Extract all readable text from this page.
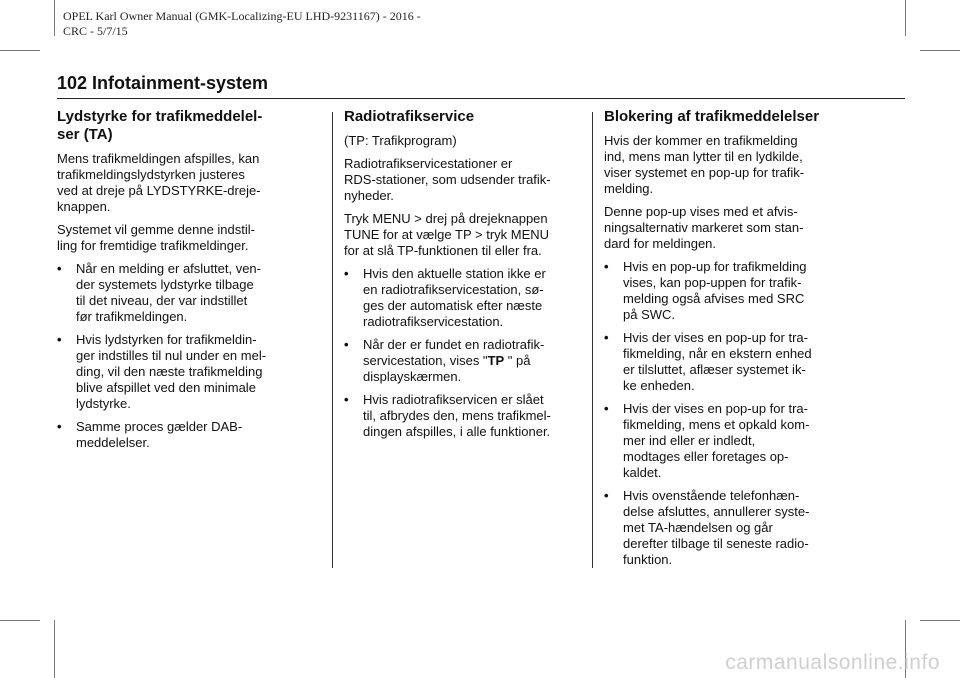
OPEL Karl Owner Manual (GMK-Localizing-EU LHD-9231167) - 2016 -
CRC - 5/7/15
102 Infotainment-system
Lydstyrke for trafikmeddelel-
ser (TA)

Mens trafikmeldingen afspilles, kan
trafikmeldingslydstyrken justeres
ved at dreje på LYDSTYRKE-dreje-
knappen.

Systemet vil gemme denne indstil-
ling for fremtidige trafikmeldinger.

• Når en melding er afsluttet, ven-
der systemets lydstyrke tilbage
til det niveau, der var indstillet
før trafikmeldingen.
• Hvis lydstyrken for trafikmeldin-
ger indstilles til nul under en mel-
ding, vil den næste trafikmelding
blive afspillet ved den minimale
lydstyrke.
• Samme proces gælder DAB-
meddelelser.
Radiotrafikservice

(TP: Trafikprogram)

Radiotrafikservicestationer er
RDS-stationer, som udsender trafik-
nyheder.

Tryk MENU > drej på drejeknappen
TUNE for at vælge TP > tryk MENU
for at slå TP-funktionen til eller fra.

• Hvis den aktuelle station ikke er
en radiotrafikservicestation, sø-
ges der automatisk efter næste
radiotrafikservicestation.
• Når der er fundet en radiotrafik-
servicestation, vises "TP " på
displayskærmen.
• Hvis radiotrafikservicen er slået
til, afbrydes den, mens trafikmel-
dingen afspilles, i alle funktioner.
Blokering af trafikmeddelelser

Hvis der kommer en trafikmelding
ind, mens man lytter til en lydkilde,
viser systemet en pop-up for trafik-
melding.

Denne pop-up vises med et afvis-
ningsalternativ markeret som stan-
dard for meldingen.

• Hvis en pop-up for trafikmelding
vises, kan pop-uppen for trafik-
melding også afvises med SRC
på SWC.
• Hvis der vises en pop-up for tra-
fikmelding, når en ekstern enhed
er tilsluttet, aflæser systemet ik-
ke enheden.
• Hvis der vises en pop-up for tra-
fikmelding, mens et opkald kom-
mer ind eller er indledt,
modtages eller foretages op-
kaldet.
• Hvis ovenstående telefonhæn-
delse afsluttes, annullerer syste-
met TA-hændelsen og går
derefter tilbage til seneste radio-
funktion.
carmanualsonline.info
